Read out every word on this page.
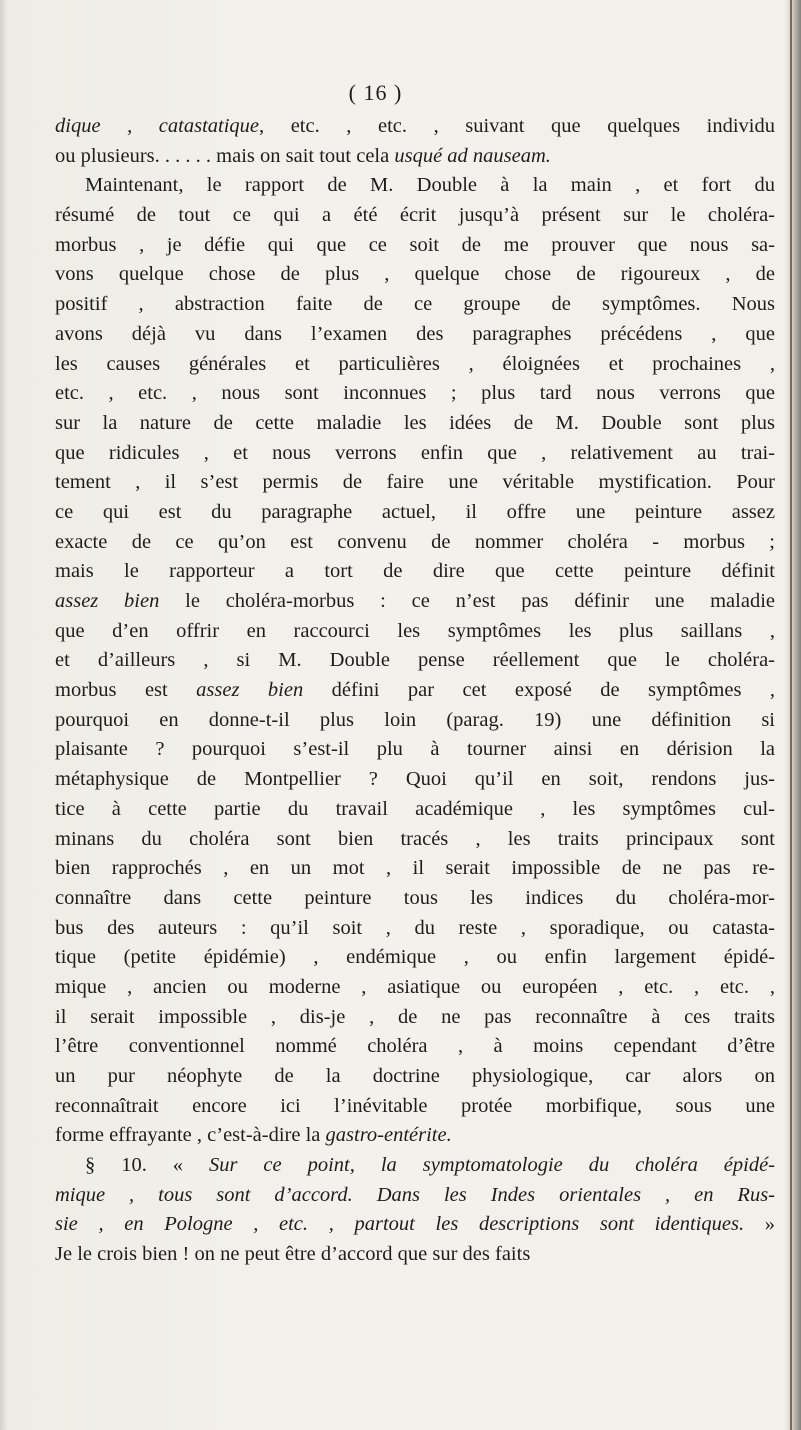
( 16 )
dique , catastatique, etc. , etc. , suivant que quelques individu
ou plusieurs. . . . . . mais on sait tout cela usqué ad nauseam.
Maintenant, le rapport de M. Double à la main , et fort du
résumé de tout ce qui a été écrit jusqu’à présent sur le choléra-
morbus , je défie qui que ce soit de me prouver que nous sa-
vons quelque chose de plus , quelque chose de rigoureux , de
positif , abstraction faite de ce groupe de symptômes. Nous
avons déjà vu dans l’examen des paragraphes précédens , que
les causes générales et particulières , éloignées et prochaines ,
etc. , etc. , nous sont inconnues ; plus tard nous verrons que
sur la nature de cette maladie les idées de M. Double sont plus
que ridicules , et nous verrons enfin que , relativement au trai-
tement , il s’est permis de faire une véritable mystification. Pour
ce qui est du paragraphe actuel, il offre une peinture assez
exacte de ce qu’on est convenu de nommer choléra - morbus ;
mais le rapporteur a tort de dire que cette peinture définit
assez bien le choléra-morbus : ce n’est pas définir une maladie
que d’en offrir en raccourci les symptômes les plus saillans ,
et d’ailleurs , si M. Double pense réellement que le choléra-
morbus est assez bien défini par cet exposé de symptômes ,
pourquoi en donne-t-il plus loin (parag. 19) une définition si
plaisante ? pourquoi s’est-il plu à tourner ainsi en dérision la
métaphysique de Montpellier ? Quoi qu’il en soit, rendons jus-
tice à cette partie du travail académique , les symptômes cul-
minans du choléra sont bien tracés , les traits principaux sont
bien rapprochés , en un mot , il serait impossible de ne pas re-
connaître dans cette peinture tous les indices du choléra-mor-
bus des auteurs : qu’il soit , du reste , sporadique, ou catasta-
tique (petite épidémie) , endémique , ou enfin largement épidé-
mique , ancien ou moderne , asiatique ou européen , etc. , etc. ,
il serait impossible , dis-je , de ne pas reconnaître à ces traits
l’être conventionnel nommé choléra , à moins cependant d’être
un pur néophyte de la doctrine physiologique, car alors on
reconnaîtrait encore ici l’inévitable protée morbifique, sous une
forme effrayante , c’est-à-dire la gastro-entérite.
§ 10. « Sur ce point, la symptomatologie du choléra épidé-
mique , tous sont d’accord. Dans les Indes orientales , en Rus-
sie , en Pologne , etc. , partout les descriptions sont identiques. »
Je le crois bien ! on ne peut être d’accord que sur des faits
